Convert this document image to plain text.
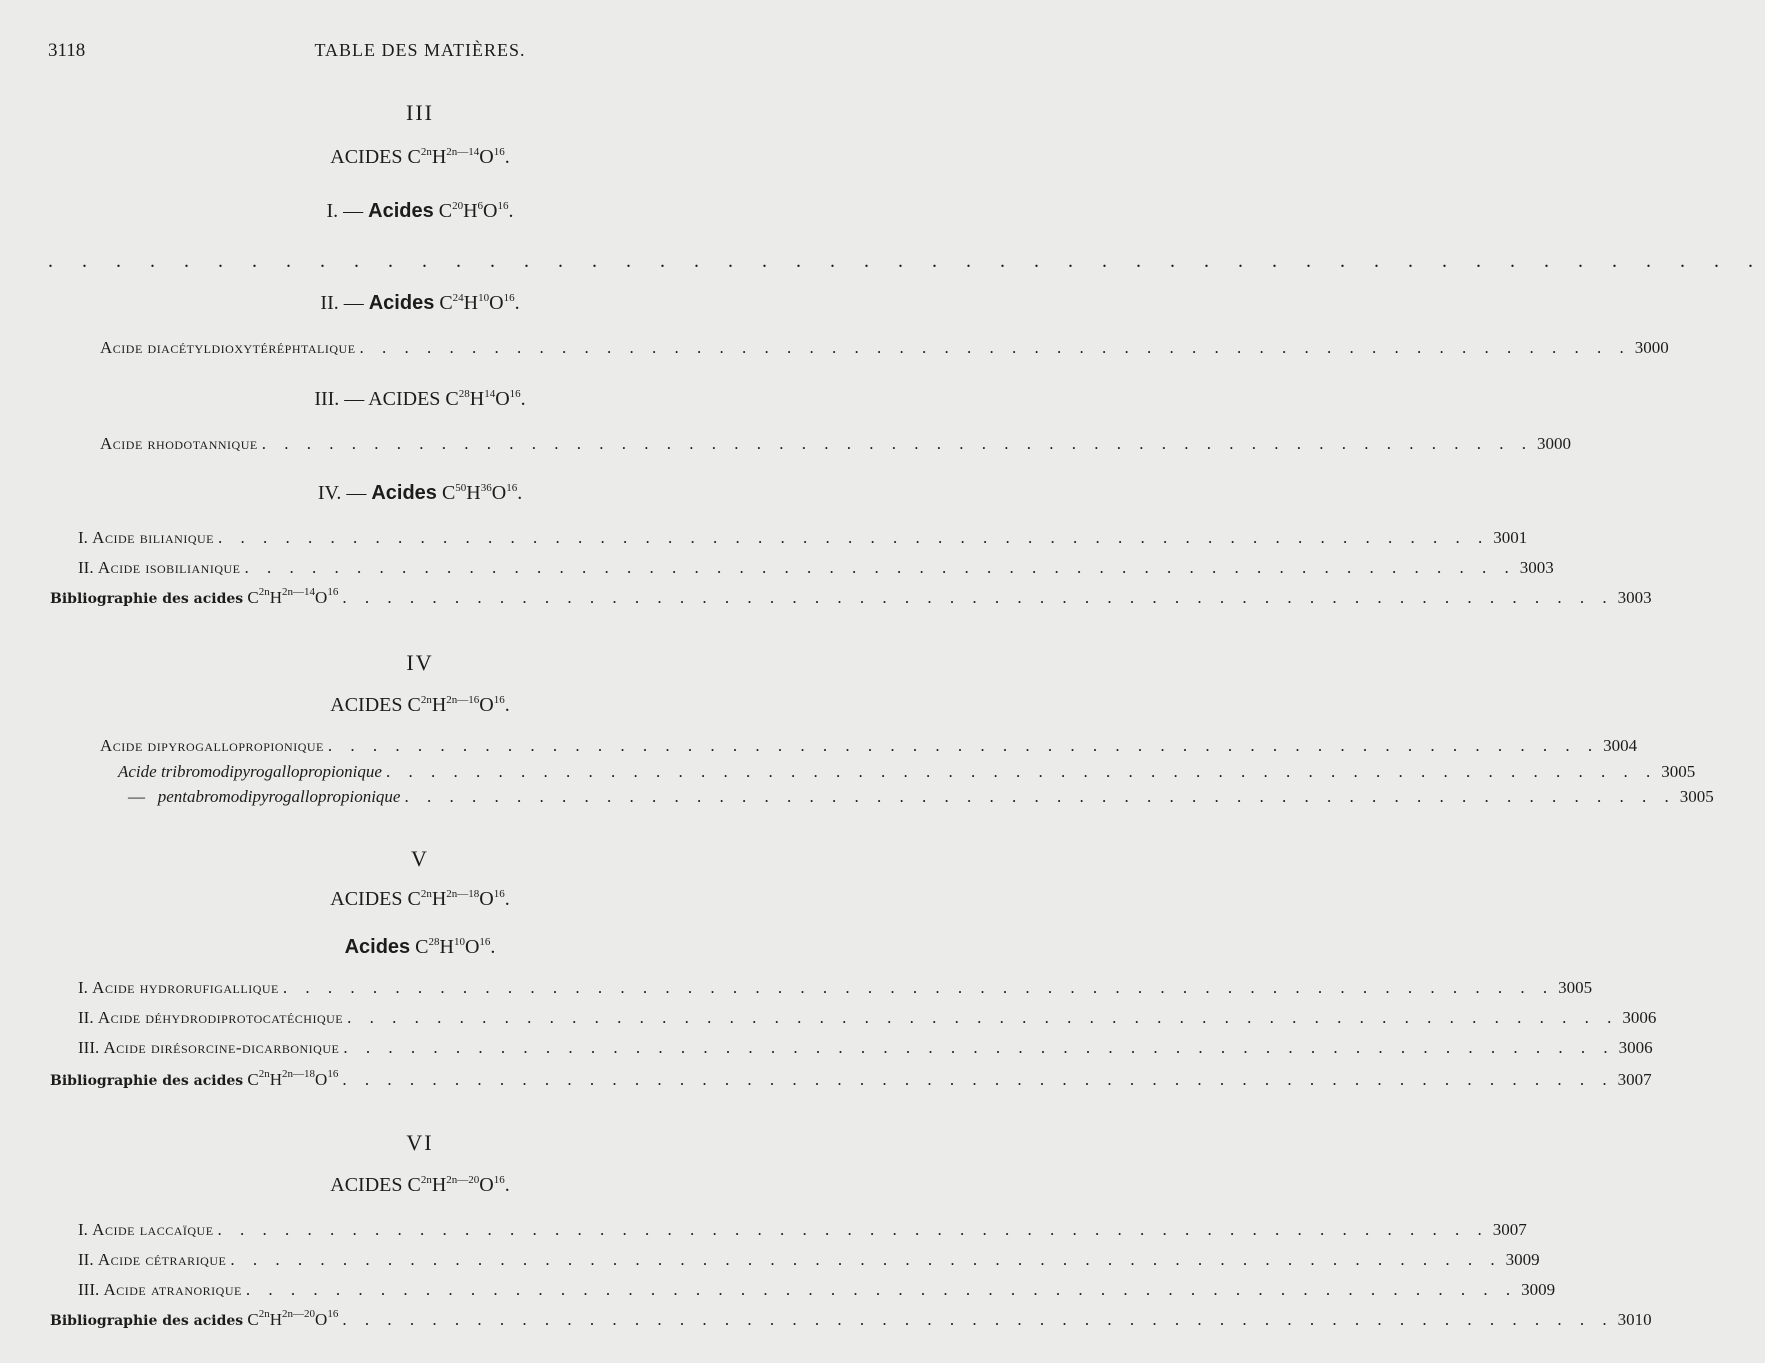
3118	TABLE DES MATIÈRES.
III
ACIDES $C^{2n}H^{2n—14}O^{16}$.
I. — Acides $C^{20}H^6O^{16}$.
. . . . . . . . . . . . . . . . . . . . . . . . . . . . . . . . . . . . . . . . . . . . . . . . . . .
II. — Acides $C^{24}H^{10}O^{16}$.
Acide diacétyldioxytéréphtalique . . . . . . . . . . . . . . . . . . . . . . . . . . . . . . . . . . . . . . . . . . . . . . . . . . . . . . . . . 3000
III. — ACIDES $C^{28}H^{14}O^{16}$.
Acide rhodotannique . . . . . . . . . . . . . . . . . . . . . . . . . . . . . . . . . . . . . . . . . . . . . . . . . . . . . . . . . 3000
IV. — Acides $C^{50}H^{36}O^{16}$.
I. Acide bilianique . . . . . . . . . . . . . . . . . . . . . . . . . . . . . . . . . . . . . . . . . . . . . . . . . . . . . . . . . 3001
II. Acide isobilianique . . . . . . . . . . . . . . . . . . . . . . . . . . . . . . . . . . . . . . . . . . . . . . . . . . . . . . . . . 3003
Bibliographie des acides $C^{2n}H^{2n—14}O^{16}$ . . . . . . . . . . . . . . . . . . . . . . . . . . . . . . . . . . . . . . . . . . . . . . . . . . . . . . . . . 3003
IV
ACIDES $C^{2n}H^{2n—16}O^{16}$.
Acide dipyrogallopropionique . . . . . . . . . . . . . . . . . . . . . . . . . . . . . . . . . . . . . . . . . . . . . . . . . . . . . . . . . 3004
Acide tribromodipyrogallopropionique . . . . . . . . . . . . . . . . . . . . . . . . . . . . . . . . . . . . . . . . . . . . . . . . . . . . . . . . . 3005
— pentabromodipyrogallopropionique . . . . . . . . . . . . . . . . . . . . . . . . . . . . . . . . . . . . . . . . . . . . . . . . . . . . . . . . . 3005
V
ACIDES $C^{2n}H^{2n—18}O^{16}$.
Acides $C^{28}H^{10}O^{16}$.
I. Acide hydrorufigallique . . . . . . . . . . . . . . . . . . . . . . . . . . . . . . . . . . . . . . . . . . . . . . . . . . . . . . . . . 3005
II. Acide déhydrodiprotocatéchique . . . . . . . . . . . . . . . . . . . . . . . . . . . . . . . . . . . . . . . . . . . . . . . . . . . . . . . . . 3006
III. Acide dirésorcine-dicarbonique . . . . . . . . . . . . . . . . . . . . . . . . . . . . . . . . . . . . . . . . . . . . . . . . . . . . . . . . . 3006
Bibliographie des acides $C^{2n}H^{2n—18}O^{16}$ . . . . . . . . . . . . . . . . . . . . . . . . . . . . . . . . . . . . . . . . . . . . . . . . . . . . . . . . . 3007
VI
ACIDES $C^{2n}H^{2n—20}O^{16}$.
I. Acide laccaïque . . . . . . . . . . . . . . . . . . . . . . . . . . . . . . . . . . . . . . . . . . . . . . . . . . . . . . . . . 3007
II. Acide cétrarique . . . . . . . . . . . . . . . . . . . . . . . . . . . . . . . . . . . . . . . . . . . . . . . . . . . . . . . . . 3009
III. Acide atranorique . . . . . . . . . . . . . . . . . . . . . . . . . . . . . . . . . . . . . . . . . . . . . . . . . . . . . . . . . 3009
Bibliographie des acides $C^{2n}H^{2n—20}O^{16}$ . . . . . . . . . . . . . . . . . . . . . . . . . . . . . . . . . . . . . . . . . . . . . . . . . . . . . . . . . 3010
